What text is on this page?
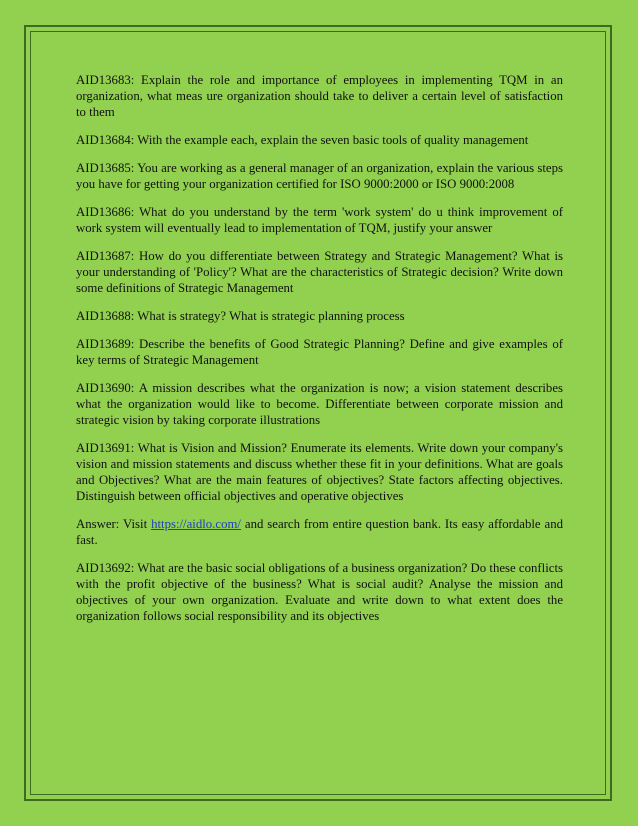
AID13683: Explain the role and importance of employees in implementing TQM in an organization, what meas ure organization should take to deliver a certain level of satisfaction to them

AID13684: With the example each, explain the seven basic tools of quality management

AID13685: You are working as a general manager of an organization, explain the various steps you have for getting your organization certified for ISO 9000:2000 or ISO 9000:2008

AID13686: What do you understand by the term 'work system' do u think improvement of work system will eventually lead to implementation of TQM, justify your answer

AID13687: How do you differentiate between Strategy and Strategic Management? What is your understanding of 'Policy'? What are the characteristics of Strategic decision? Write down some definitions of Strategic Management

AID13688: What is strategy? What is strategic planning process

AID13689: Describe the benefits of Good Strategic Planning? Define and give examples of key terms of Strategic Management

AID13690: A mission describes what the organization is now; a vision statement describes what the organization would like to become. Differentiate between corporate mission and strategic vision by taking corporate illustrations

AID13691: What is Vision and Mission? Enumerate its elements. Write down your company's vision and mission statements and discuss whether these fit in your definitions. What are goals and Objectives? What are the main features of objectives? State factors affecting objectives. Distinguish between official objectives and operative objectives

Answer: Visit https://aidlo.com/ and search from entire question bank. Its easy affordable and fast.

AID13692: What are the basic social obligations of a business organization? Do these conflicts with the profit objective of the business? What is social audit? Analyse the mission and objectives of your own organization. Evaluate and write down to what extent does the organization follows social responsibility and its objectives
